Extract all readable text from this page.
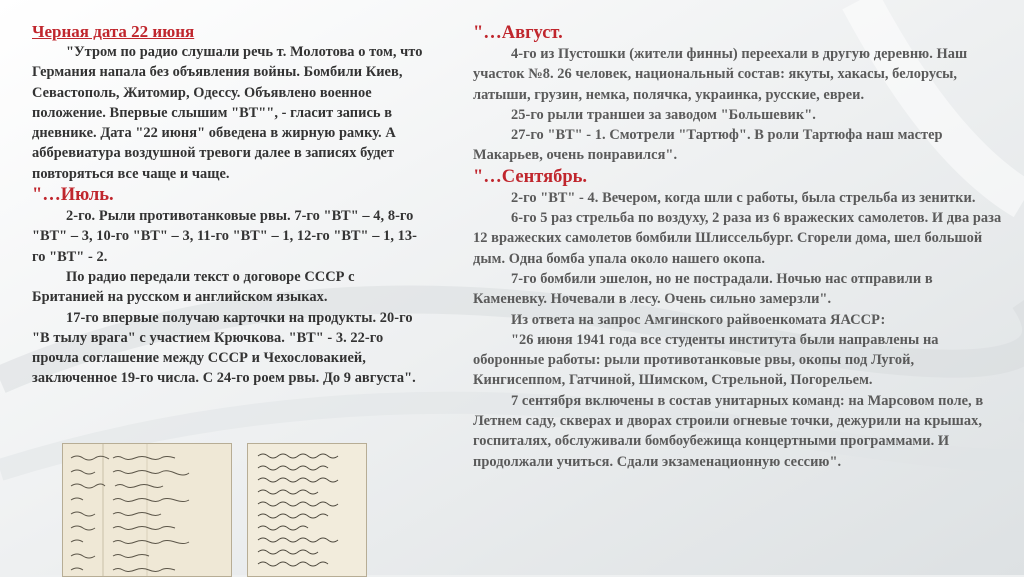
Черная дата 22 июня

"Утром по радио слушали речь т. Молотова о том, что Германия напала без объявления войны. Бомбили Киев, Севастополь, Житомир, Одессу. Объявлено военное положение. Впервые слышим "ВТ"", - гласит запись в дневнике. Дата "22 июня" обведена в жирную рамку. А аббревиатура воздушной тревоги далее в записях будет повторяться все чаще и чаще.

"…Июль.

2-го. Рыли противотанковые рвы. 7-го "ВТ" – 4, 8-го "ВТ" – 3, 10-го "ВТ" – 3, 11-го "ВТ" – 1, 12-го "ВТ" – 1, 13-го "ВТ" - 2.

По радио передали текст о договоре СССР с Британией на русском и английском языках.

17-го впервые получаю карточки на продукты. 20-го "В тылу врага" с участием Крючкова. "ВТ" - 3. 22-го прочла соглашение между СССР и Чехословакией, заключенное 19-го числа. С 24-го роем рвы. До 9 августа".

"…Август.

4-го из Пустошки (жители финны) переехали в другую деревню. Наш участок №8. 26 человек, национальный состав: якуты, хакасы, белорусы, латыши, грузин, немка, полячка, украинка, русские, евреи.

25-го рыли траншеи за заводом "Большевик".

27-го "ВТ" - 1. Смотрели "Тартюф". В роли Тартюфа наш мастер Макарьев, очень понравился".

"…Сентябрь.

2-го "ВТ" - 4. Вечером, когда шли с работы, была стрельба из зенитки.

6-го 5 раз стрельба по воздуху, 2 раза из 6 вражеских самолетов. И два раза 12 вражеских самолетов бомбили Шлиссельбург. Сгорели дома, шел большой дым. Одна бомба упала около нашего окопа.

7-го бомбили эшелон, но не пострадали. Ночью нас отправили в Каменевку. Ночевали в лесу. Очень сильно замерзли".

Из ответа на запрос Амгинского райвоенкомата ЯАССР:

"26 июня 1941 года все студенты института были направлены на оборонные работы: рыли противотанковые рвы, окопы под Лугой, Кингисеппом, Гатчиной, Шимском, Стрельной, Погорельем.

7 сентября включены в состав унитарных команд: на Марсовом поле, в Летнем саду, скверах и дворах строили огневые точки, дежурили на крышах, госпиталях, обслуживали бомбоубежища концертными программами. И продолжали учиться. Сдали экзаменационную сессию".
